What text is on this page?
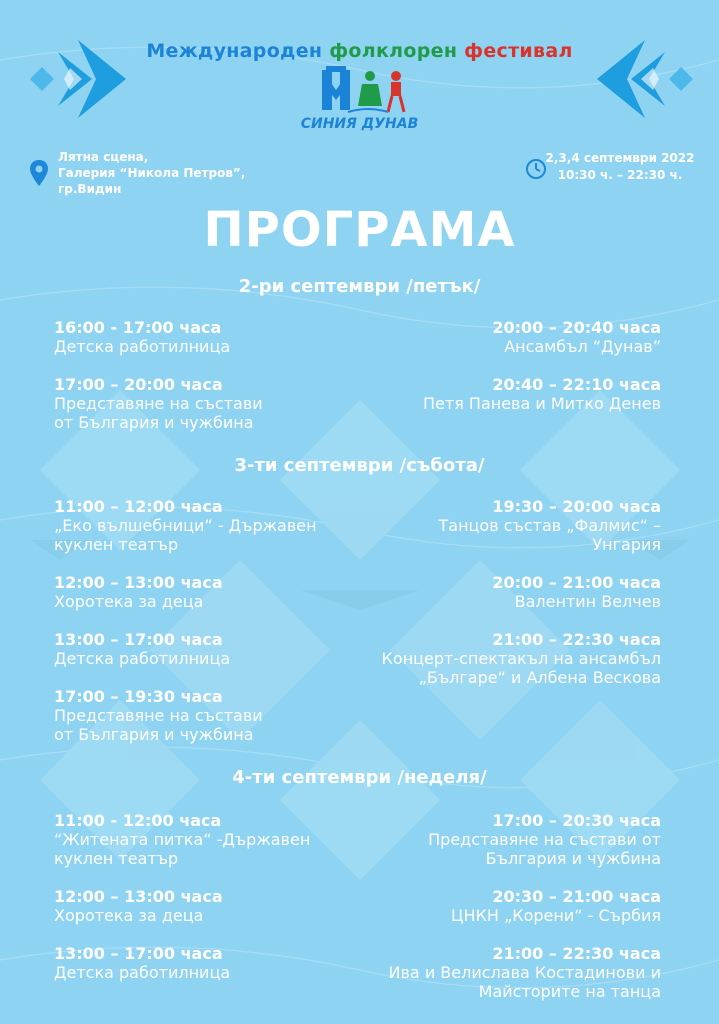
Международен фолклорен фестивал
СИНИЯ ДУНАВ
Лятна сцена,
Галерия “Никола Петров”,
гр.Видин
2,3,4 септември 2022
10:30 ч. – 22:30 ч.
ПРОГРАМА
2-ри септември /петък/
16:00 - 17:00 часа
Детска работилница
17:00 – 20:00 часа
Представяне на състави
от България и чужбина
20:00 – 20:40 часа
Ансамбъл “Дунав”
20:40 – 22:10 часа
Петя Панева и Митко Денев
3-ти септември /събота/
11:00 – 12:00 часа
„Еко вълшебници“ - Държавен
куклен театър
12:00 – 13:00 часа
Хоротека за деца
13:00 – 17:00 часа
Детска работилница
17:00 – 19:30 часа
Представяне на състави
от България и чужбина
19:30 – 20:00 часа
Танцов състав „Фалмис“ –
Унгария
20:00 – 21:00 часа
Валентин Велчев
21:00 – 22:30 часа
Концерт-спектакъл на ансамбъл
„Българе“ и Албена Вескова
4-ти септември /неделя/
11:00 - 12:00 часа
“Житената питка“ -Държавен
куклен театър
12:00 – 13:00 часа
Хоротека за деца
13:00 – 17:00 часа
Детска работилница
17:00 – 20:30 часа
Представяне на състави от
България и чужбина
20:30 – 21:00 часа
ЦНКН „Корени“ - Сърбия
21:00 – 22:30 часа
Ива и Велислава Костадинови и
Майсторите на танца
